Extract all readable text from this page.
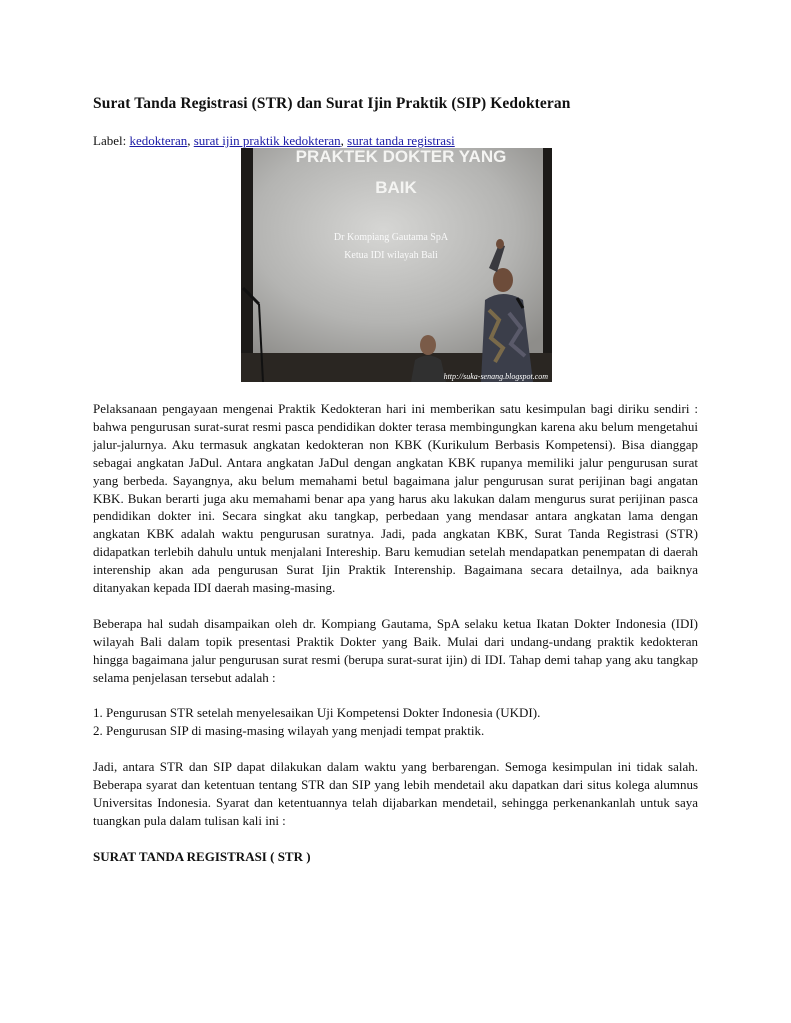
Surat Tanda Registrasi (STR) dan Surat Ijin Praktik (SIP) Kedokteran
Label: kedokteran, surat ijin praktik kedokteran, surat tanda registrasi
PRAKTEK DOKTER YANG
BAIK
Dr Kompiang Gautama SpA
Ketua IDI wilayah Bali
http://suka-senang.blogspot.com

Pelaksanaan pengayaan mengenai Praktik Kedokteran hari ini memberikan satu kesimpulan bagi diriku sendiri : bahwa pengurusan surat-surat resmi pasca pendidikan dokter terasa membingungkan karena aku belum mengetahui jalur-jalurnya. Aku termasuk angkatan kedokteran non KBK (Kurikulum Berbasis Kompetensi). Bisa dianggap sebagai angkatan JaDul. Antara angkatan JaDul dengan angkatan KBK rupanya memiliki jalur pengurusan surat yang berbeda. Sayangnya, aku belum memahami betul bagaimana jalur pengurusan surat perijinan bagi angatan KBK. Bukan berarti juga aku memahami benar apa yang harus aku lakukan dalam mengurus surat perijinan pasca pendidikan dokter ini. Secara singkat aku tangkap, perbedaan yang mendasar antara angkatan lama dengan angkatan KBK adalah waktu pengurusan suratnya. Jadi, pada angkatan KBK, Surat Tanda Registrasi (STR) didapatkan terlebih dahulu untuk menjalani Intereship. Baru kemudian setelah mendapatkan penempatan di daerah interenship akan ada pengurusan Surat Ijin Praktik Interenship. Bagaimana secara detailnya, ada baiknya ditanyakan kepada IDI daerah masing-masing.

Beberapa hal sudah disampaikan oleh dr. Kompiang Gautama, SpA selaku ketua Ikatan Dokter Indonesia (IDI) wilayah Bali dalam topik presentasi Praktik Dokter yang Baik. Mulai dari undang-undang praktik kedokteran hingga bagaimana jalur pengurusan surat resmi (berupa surat-surat ijin) di IDI. Tahap demi tahap yang aku tangkap selama penjelasan tersebut adalah :

1. Pengurusan STR setelah menyelesaikan Uji Kompetensi Dokter Indonesia (UKDI).
2. Pengurusan SIP di masing-masing wilayah yang menjadi tempat praktik.

Jadi, antara STR dan SIP dapat dilakukan dalam waktu yang berbarengan. Semoga kesimpulan ini tidak salah. Beberapa syarat dan ketentuan tentang STR dan SIP yang lebih mendetail aku dapatkan dari situs kolega alumnus Universitas Indonesia. Syarat dan ketentuannya telah dijabarkan mendetail, sehingga perkenankanlah untuk saya tuangkan pula dalam tulisan kali ini :

SURAT TANDA REGISTRASI ( STR )
